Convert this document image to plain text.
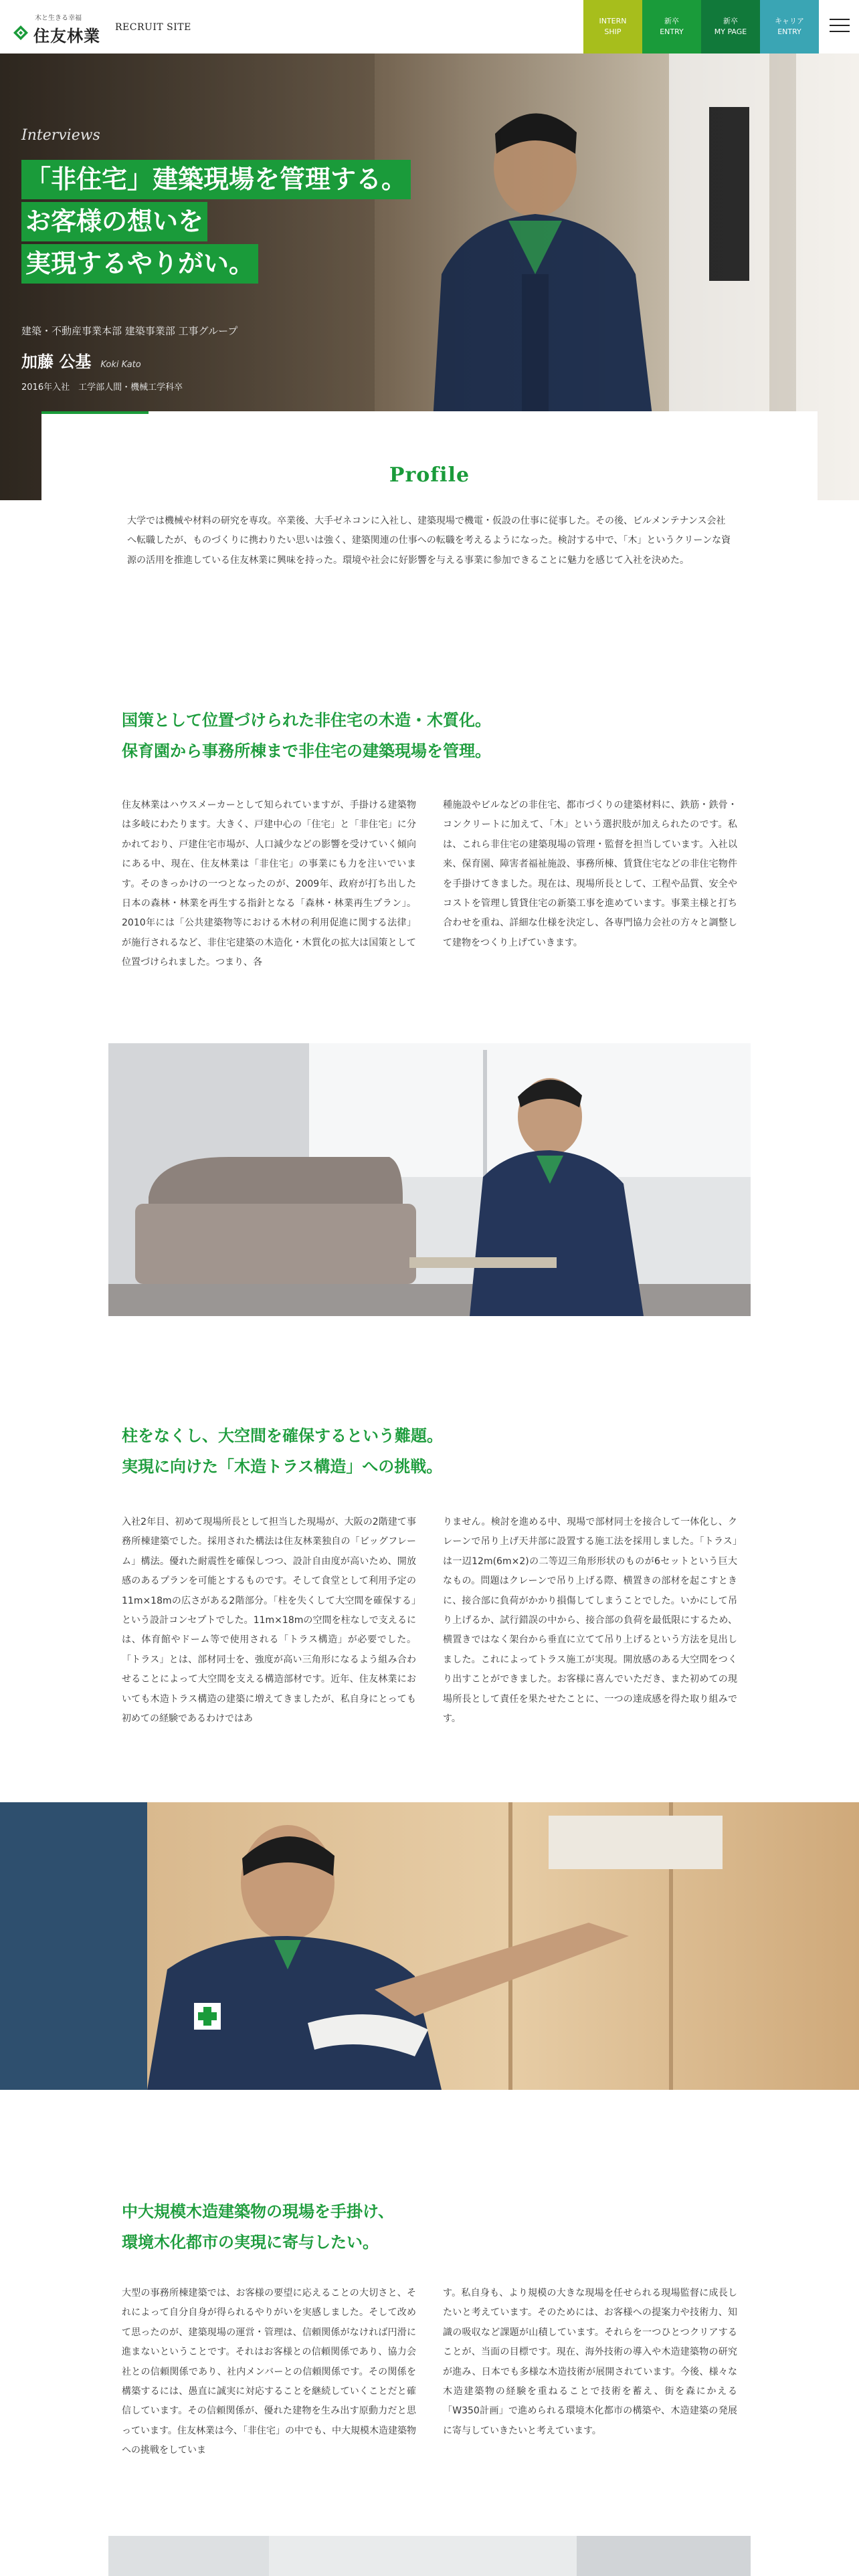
木と生きる幸福
住友林業 RECRUIT SITE
INTERN
SHIP
新卒
ENTRY
新卒
MY PAGE
キャリア
ENTRY
Interviews
「非住宅」建築現場を管理する。
お客様の想いを
実現するやりがい。
建築・不動産事業本部 建築事業部 工事グループ
加藤 公基 Koki Kato
2016年入社　工学部人間・機械工学科卒
Profile

大学では機械や材料の研究を専攻。卒業後、大手ゼネコンに入社し、建築現場で機電・仮設の仕事に従事した。その後、ビルメンテナンス会社へ転職したが、ものづくりに携わりたい思いは強く、建築関連の仕事への転職を考えるようになった。検討する中で、「木」というクリーンな資源の活用を推進している住友林業に興味を持った。環境や社会に好影響を与える事業に参加できることに魅力を感じて入社を決めた。

国策として位置づけられた非住宅の木造・木質化。
保育園から事務所棟まで非住宅の建築現場を管理。

住友林業はハウスメーカーとして知られていますが、手掛ける建築物は多岐にわたります。大きく、戸建中心の「住宅」と「非住宅」に分かれており、戸建住宅市場が、人口減少などの影響を受けていく傾向にある中、現在、住友林業は「非住宅」の事業にも力を注いでいます。そのきっかけの一つとなったのが、2009年、政府が打ち出した日本の森林・林業を再生する指針となる「森林・林業再生プラン」。2010年には「公共建築物等における木材の利用促進に関する法律」が施行されるなど、非住宅建築の木造化・木質化の拡大は国策として位置づけられました。つまり、各

種施設やビルなどの非住宅、都市づくりの建築材料に、鉄筋・鉄骨・コンクリートに加えて、「木」という選択肢が加えられたのです。私は、これら非住宅の建築現場の管理・監督を担当しています。入社以来、保育園、障害者福祉施設、事務所棟、賃貸住宅などの非住宅物件を手掛けてきました。現在は、現場所長として、工程や品質、安全やコストを管理し賃貸住宅の新築工事を進めています。事業主様と打ち合わせを重ね、詳細な仕様を決定し、各専門協力会社の方々と調整して建物をつくり上げていきます。

柱をなくし、大空間を確保するという難題。
実現に向けた「木造トラス構造」への挑戦。

入社2年目、初めて現場所長として担当した現場が、大阪の2階建て事務所棟建築でした。採用された構法は住友林業独自の「ビッグフレーム」構法。優れた耐震性を確保しつつ、設計自由度が高いため、開放感のあるプランを可能とするものです。そして食堂として利用予定の11m×18mの広さがある2階部分。「柱を失くして大空間を確保する」という設計コンセプトでした。11m×18mの空間を柱なしで支えるには、体育館やドーム等で使用される「トラス構造」が必要でした。「トラス」とは、部材同士を、強度が高い三角形になるよう組み合わせることによって大空間を支える構造部材です。近年、住友林業においても木造トラス構造の建築に増えてきましたが、私自身にとっても初めての経験であるわけではあ

りません。検討を進める中、現場で部材同士を接合して一体化し、クレーンで吊り上げ天井部に設置する施工法を採用しました。「トラス」は一辺12m(6m×2)の二等辺三角形形状のものが6セットという巨大なもの。問題はクレーンで吊り上げる際、横置きの部材を起こすときに、接合部に負荷がかかり損傷してしまうことでした。いかにして吊り上げるか、試行錯誤の中から、接合部の負荷を最低限にするため、横置きではなく架台から垂直に立てて吊り上げるという方法を見出しました。これによってトラス施工が実現。開放感のある大空間をつくり出すことができました。お客様に喜んでいただき、また初めての現場所長として責任を果たせたことに、一つの達成感を得た取り組みです。

中大規模木造建築物の現場を手掛け、
環境木化都市の実現に寄与したい。

大型の事務所棟建築では、お客様の要望に応えることの大切さと、それによって自分自身が得られるやりがいを実感しました。そして改めて思ったのが、建築現場の運営・管理は、信頼関係がなければ円滑に進まないということです。それはお客様との信頼関係であり、協力会社との信頼関係であり、社内メンバーとの信頼関係です。その関係を構築するには、愚直に誠実に対応することを継続していくことだと確信しています。その信頼関係が、優れた建物を生み出す原動力だと思っています。住友林業は今、「非住宅」の中でも、中大規模木造建築物への挑戦をしていま

す。私自身も、より規模の大きな現場を任せられる現場監督に成長したいと考えています。そのためには、お客様への提案力や技術力、知識の吸収など課題が山積しています。それらを一つひとつクリアすることが、当面の目標です。現在、海外技術の導入や木造建築物の研究が進み、日本でも多様な木造技術が展開されています。今後、様々な木造建築物の経験を重ねることで技術を蓄え、街を森にかえる「W350計画」で進められる環境木化都市の構築や、木造建築の発展に寄与していきたいと考えています。
